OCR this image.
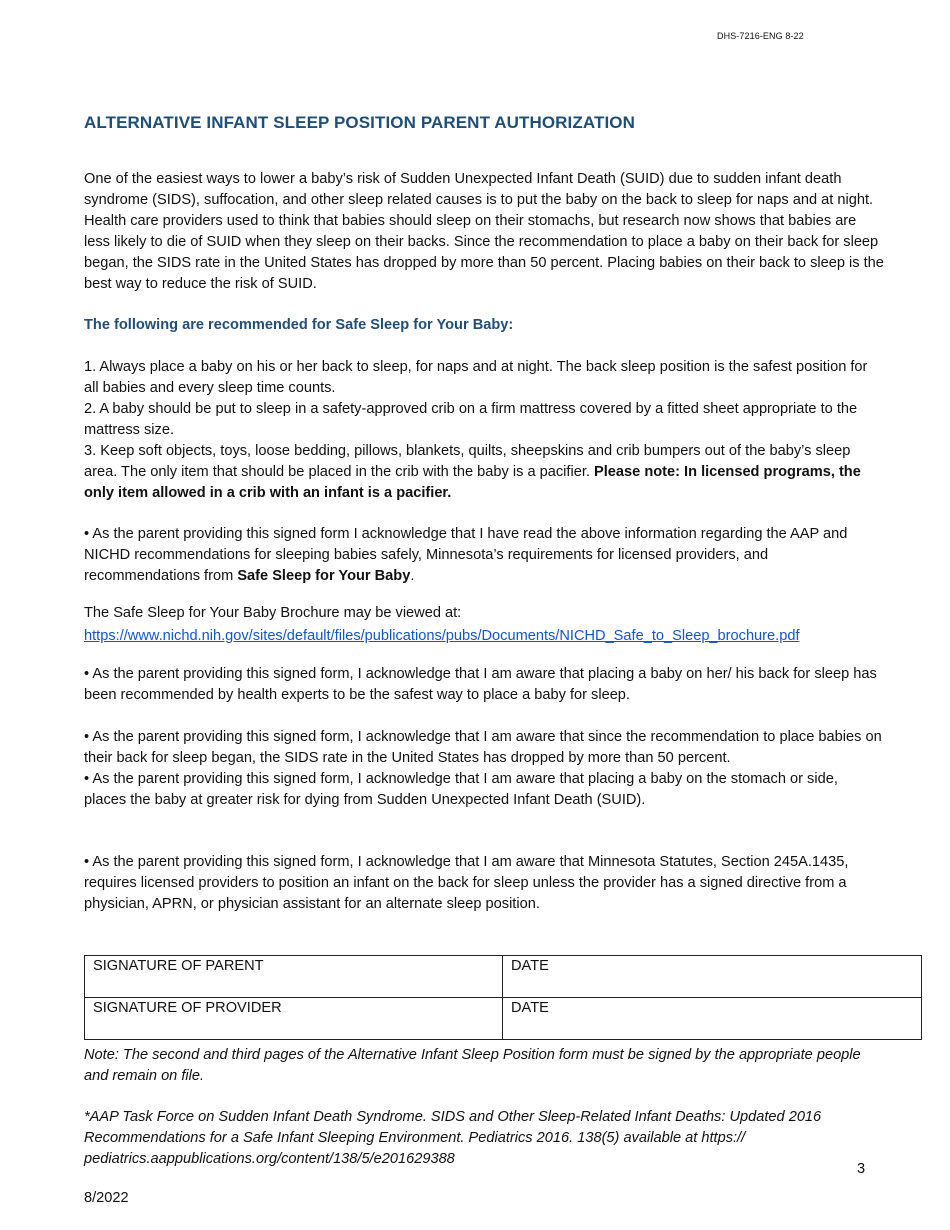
DHS-7216-ENG 8-22
ALTERNATIVE INFANT SLEEP POSITION PARENT AUTHORIZATION

One of the easiest ways to lower a baby’s risk of Sudden Unexpected Infant Death (SUID) due to sudden infant death syndrome (SIDS), suffocation, and other sleep related causes is to put the baby on the back to sleep for naps and at night. Health care providers used to think that babies should sleep on their stomachs, but research now shows that babies are less likely to die of SUID when they sleep on their backs. Since the recommendation to place a baby on their back for sleep began, the SIDS rate in the United States has dropped by more than 50 percent. Placing babies on their back to sleep is the best way to reduce the risk of SUID.

The following are recommended for Safe Sleep for Your Baby:

1. Always place a baby on his or her back to sleep, for naps and at night. The back sleep position is the safest position for all babies and every sleep time counts.

2. A baby should be put to sleep in a safety-approved crib on a firm mattress covered by a fitted sheet appropriate to the mattress size.

3. Keep soft objects, toys, loose bedding, pillows, blankets, quilts, sheepskins and crib bumpers out of the baby’s sleep area. The only item that should be placed in the crib with the baby is a pacifier. Please note: In licensed programs, the only item allowed in a crib with an infant is a pacifier.

• As the parent providing this signed form I acknowledge that I have read the above information regarding the AAP and NICHD recommendations for sleeping babies safely, Minnesota’s requirements for licensed providers, and recommendations from Safe Sleep for Your Baby.

The Safe Sleep for Your Baby Brochure may be viewed at:

https://www.nichd.nih.gov/sites/default/files/publications/pubs/Documents/NICHD_Safe_to_Sleep_brochure.pdf

• As the parent providing this signed form, I acknowledge that I am aware that placing a baby on her/ his back for sleep has been recommended by health experts to be the safest way to place a baby for sleep.

• As the parent providing this signed form, I acknowledge that I am aware that since the recommendation to place babies on their back for sleep began, the SIDS rate in the United States has dropped by more than 50 percent.

• As the parent providing this signed form, I acknowledge that I am aware that placing a baby on the stomach or side, places the baby at greater risk for dying from Sudden Unexpected Infant Death (SUID).

• As the parent providing this signed form, I acknowledge that I am aware that Minnesota Statutes, Section 245A.1435, requires licensed providers to position an infant on the back for sleep unless the provider has a signed directive from a physician, APRN, or physician assistant for an alternate sleep position.

SIGNATURE OF PARENT	DATE
SIGNATURE OF PROVIDER	DATE

Note: The second and third pages of the Alternative Infant Sleep Position form must be signed by the appropriate people and remain on file.

*AAP Task Force on Sudden Infant Death Syndrome. SIDS and Other Sleep-Related Infant Deaths: Updated 2016 Recommendations for a Safe Infant Sleeping Environment. Pediatrics 2016. 138(5) available at https:// pediatrics.aappublications.org/content/138/5/e201629388

3
8/2022
